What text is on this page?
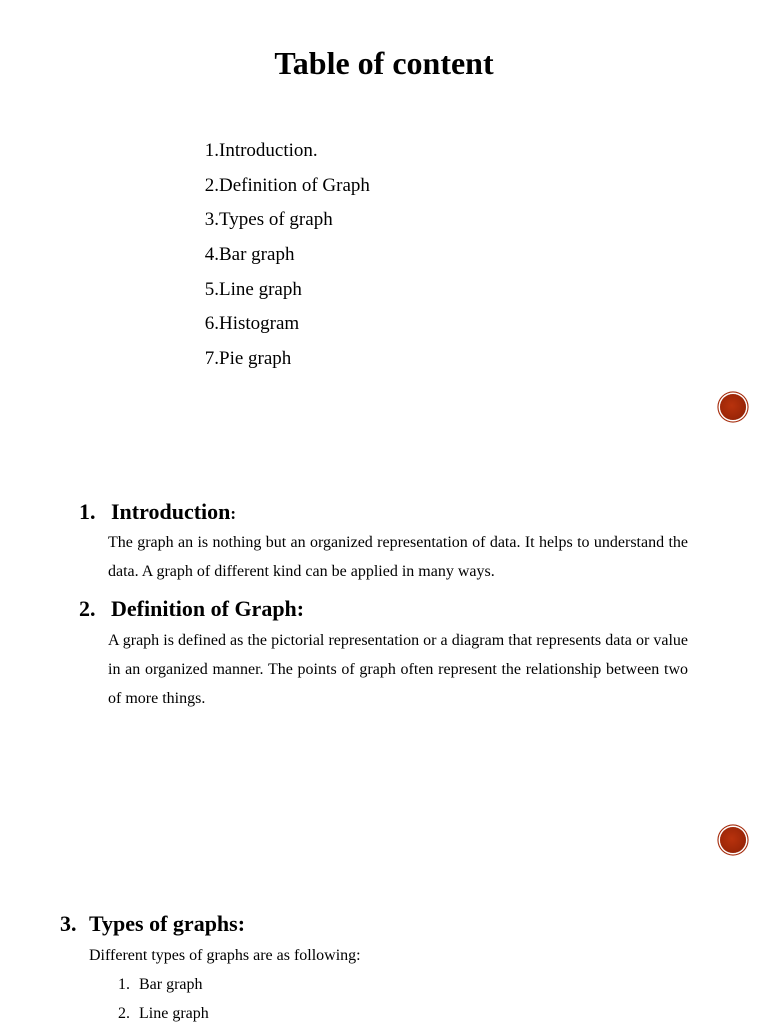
Table of content
1.Introduction.
2.Definition of Graph
3.Types of graph
4.Bar graph
5.Line graph
6.Histogram
7.Pie graph
1. Introduction:

The graph an is nothing but an organized representation of data. It helps to understand the data. A graph of different kind can be applied in many ways.

2. Definition of Graph:

A graph is defined as the pictorial representation or a diagram that represents data or value in an organized manner. The points of graph often represent the relationship between two of more things.

3. Types of graphs:

Different types of graphs are as following:

1. Bar graph
2. Line graph
